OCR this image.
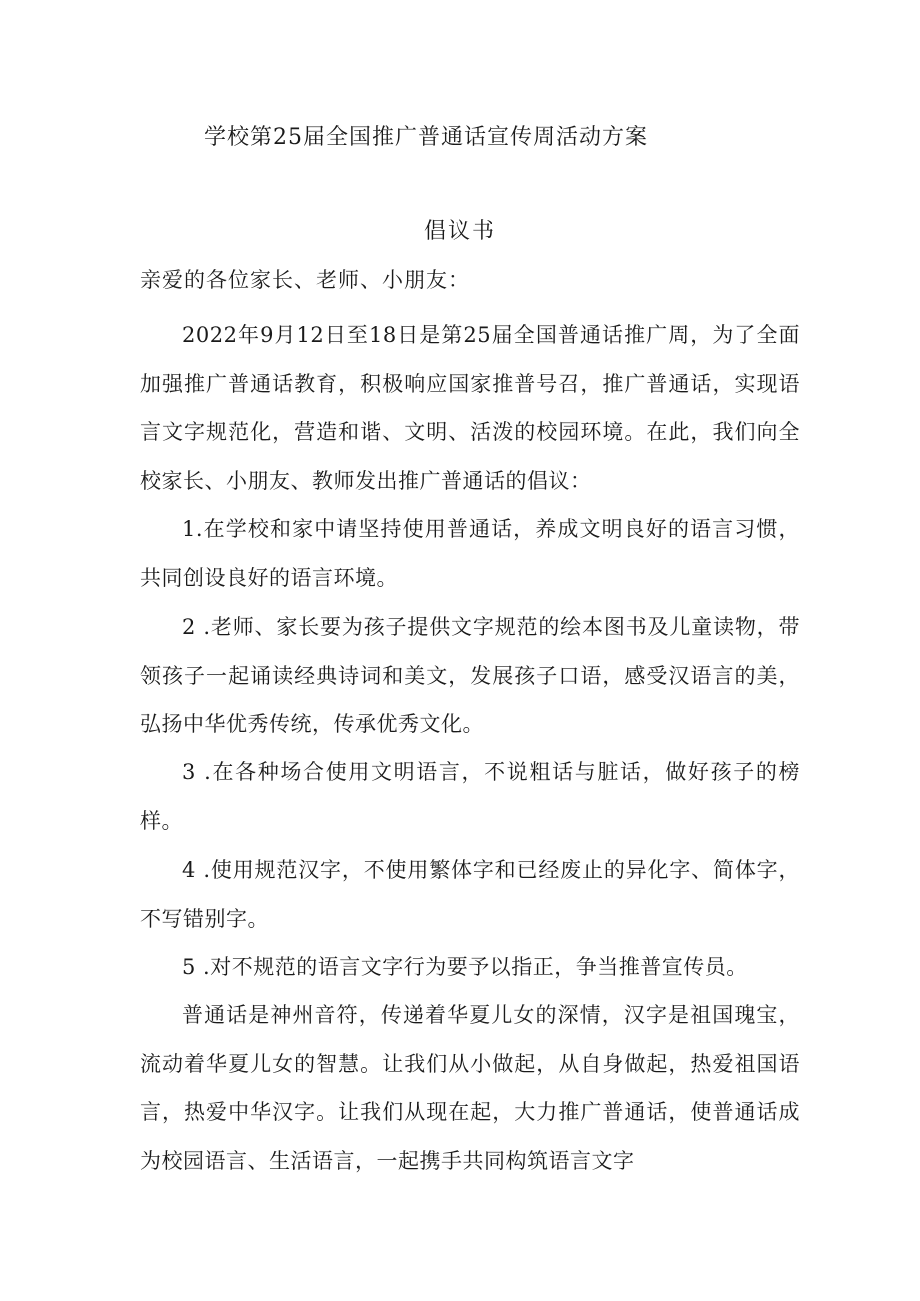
学校第25届全国推广普通话宣传周活动方案
倡议书
亲爱的各位家长、老师、小朋友：

2022年9月12日至18日是第25届全国普通话推广周，为了全面加强推广普通话教育，积极响应国家推普号召，推广普通话，实现语言文字规范化，营造和谐、文明、活泼的校园环境。在此，我们向全校家长、小朋友、教师发出推广普通话的倡议：

1.在学校和家中请坚持使用普通话，养成文明良好的语言习惯，共同创设良好的语言环境。

2 .老师、家长要为孩子提供文字规范的绘本图书及儿童读物，带领孩子一起诵读经典诗词和美文，发展孩子口语，感受汉语言的美，弘扬中华优秀传统，传承优秀文化。

3 .在各种场合使用文明语言，不说粗话与脏话，做好孩子的榜样。

4 .使用规范汉字，不使用繁体字和已经废止的异化字、简体字，不写错别字。

5 .对不规范的语言文字行为要予以指正，争当推普宣传员。

普通话是神州音符，传递着华夏儿女的深情，汉字是祖国瑰宝，流动着华夏儿女的智慧。让我们从小做起，从自身做起，热爱祖国语言，热爱中华汉字。让我们从现在起，大力推广普通话，使普通话成为校园语言、生活语言，一起携手共同构筑语言文字
